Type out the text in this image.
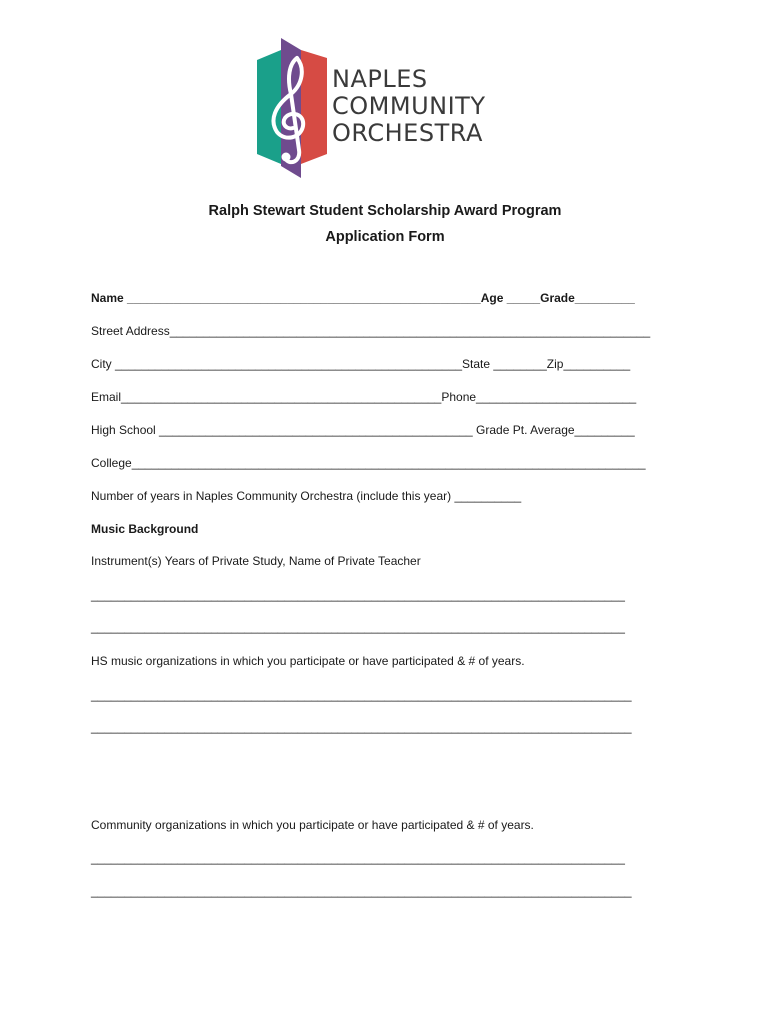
NAPLES
COMMUNITY
ORCHESTRA
Ralph Stewart Student Scholarship Award Program
Application Form
Name _____________________________________________________Age _____Grade_________
Street Address________________________________________________________________________
City ____________________________________________________State ________Zip__________
Email________________________________________________Phone________________________
High School _______________________________________________ Grade Pt. Average_________
College_____________________________________________________________________________
Number of years in Naples Community Orchestra (include this year) __________
Music Background
Instrument(s) Years of Private Study, Name of Private Teacher
________________________________________________________________________________
________________________________________________________________________________
HS music organizations in which you participate or have participated & # of years.
_________________________________________________________________________________
_________________________________________________________________________________
Community organizations in which you participate or have participated & # of years.
________________________________________________________________________________
_________________________________________________________________________________
